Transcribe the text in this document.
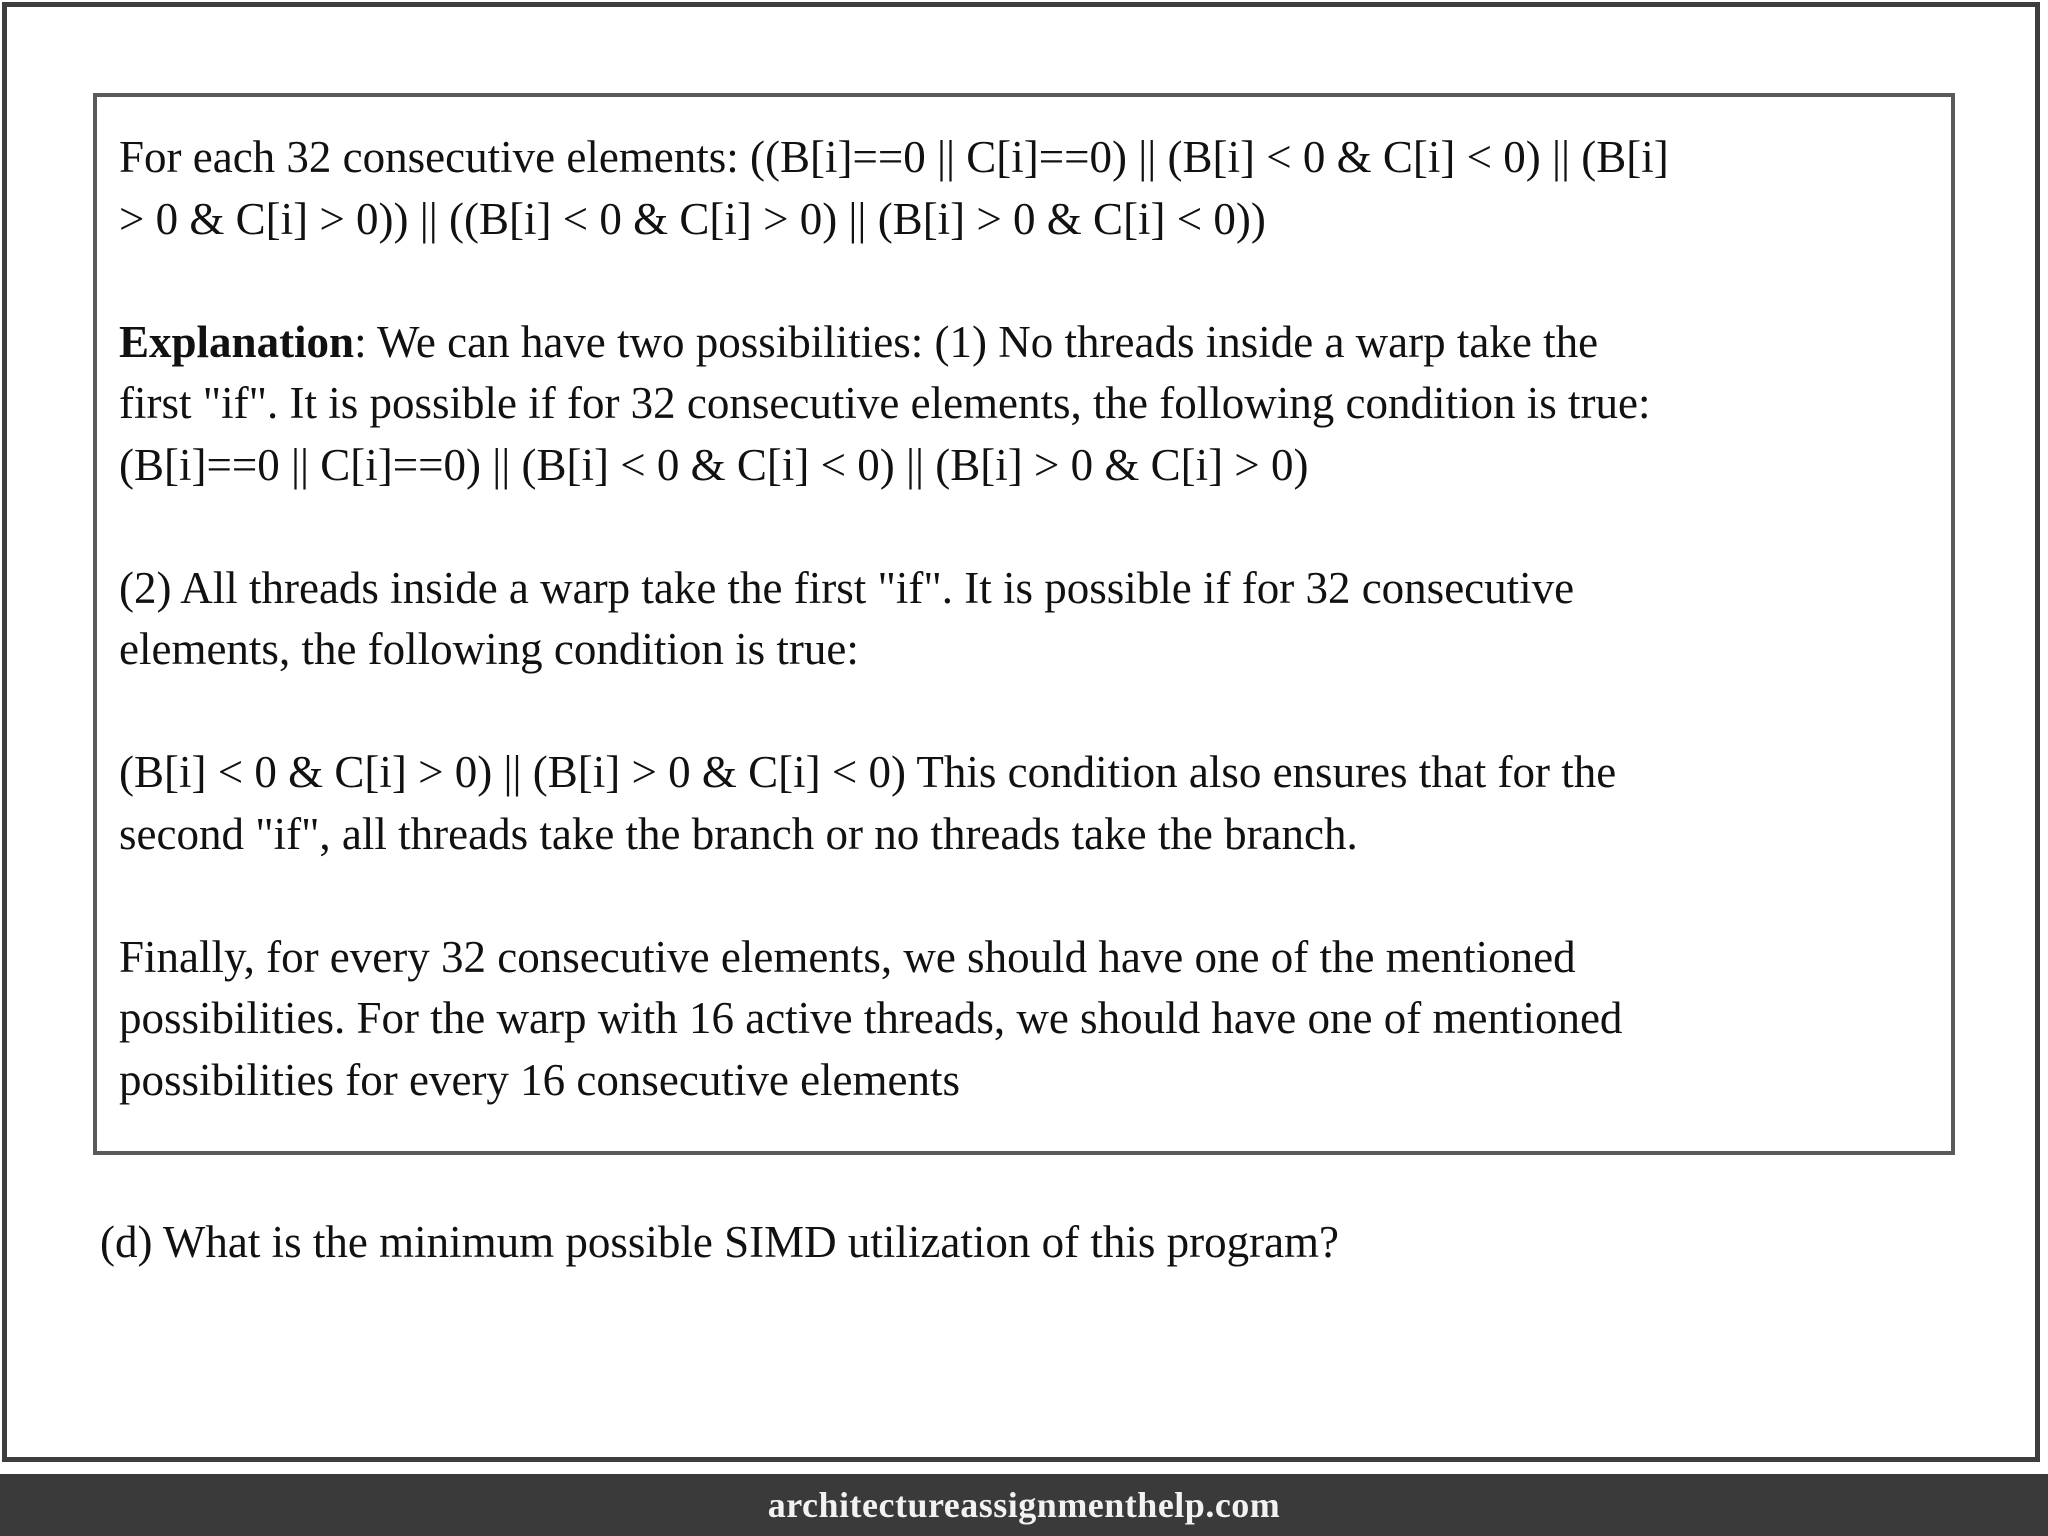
For each 32 consecutive elements: ((B[i]==0 || C[i]==0) || (B[i] < 0 & C[i] < 0) || (B[i]
> 0 & C[i] > 0)) || ((B[i] < 0 & C[i] > 0) || (B[i] > 0 & C[i] < 0))

Explanation: We can have two possibilities: (1) No threads inside a warp take the
first "if". It is possible if for 32 consecutive elements, the following condition is true:
(B[i]==0 || C[i]==0) || (B[i] < 0 & C[i] < 0) || (B[i] > 0 & C[i] > 0)

(2) All threads inside a warp take the first "if". It is possible if for 32 consecutive
elements, the following condition is true:

(B[i] < 0 & C[i] > 0) || (B[i] > 0 & C[i] < 0) This condition also ensures that for the
second "if", all threads take the branch or no threads take the branch.

Finally, for every 32 consecutive elements, we should have one of the mentioned
possibilities. For the warp with 16 active threads, we should have one of mentioned
possibilities for every 16 consecutive elements

(d) What is the minimum possible SIMD utilization of this program?

architectureassignmenthelp.com
